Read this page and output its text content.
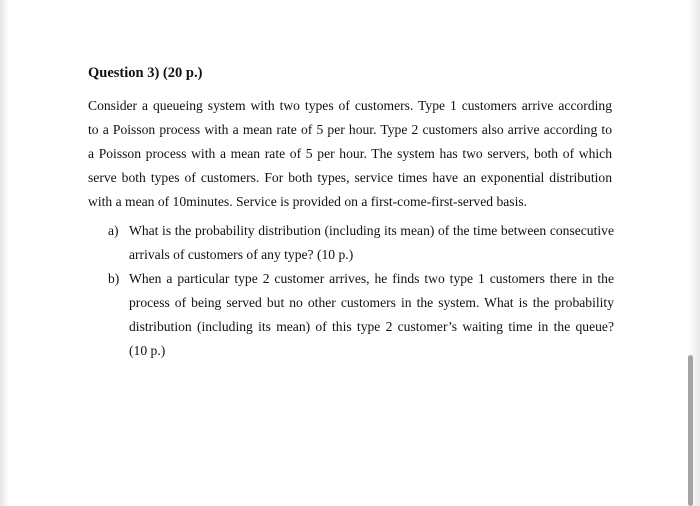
Question 3) (20 p.)
Consider a queueing system with two types of customers. Type 1 customers arrive according
to a Poisson process with a mean rate of 5 per hour. Type 2 customers also arrive according to
a Poisson process with a mean rate of 5 per hour. The system has two servers, both of which
serve both types of customers. For both types, service times have an exponential distribution
with a mean of 10minutes. Service is provided on a first-come-first-served basis.
a) What is the probability distribution (including its mean) of the time between consecutive
arrivals of customers of any type? (10 p.)
b) When a particular type 2 customer arrives, he finds two type 1 customers there in the
process of being served but no other customers in the system. What is the probability
distribution (including its mean) of this type 2 customer’s waiting time in the queue?
(10 p.)
